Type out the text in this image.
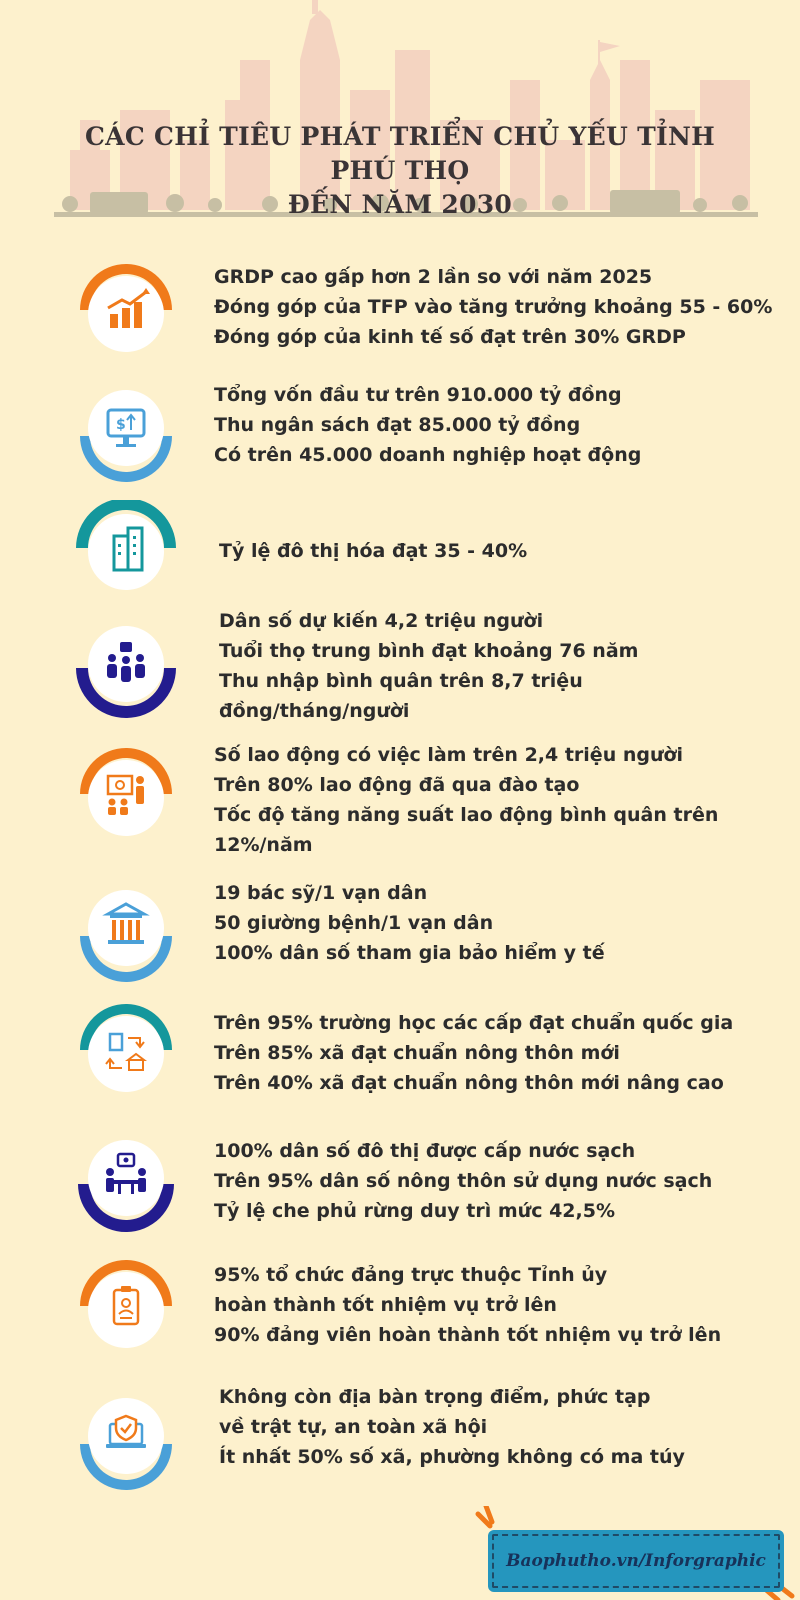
CÁC CHỈ TIÊU PHÁT TRIỂN CHỦ YẾU TỈNH PHÚ THỌ
ĐẾN NĂM 2030
GRDP cao gấp hơn 2 lần so với năm 2025
Đóng góp của TFP vào tăng trưởng khoảng 55 - 60%
Đóng góp của kinh tế số đạt trên 30% GRDP
$
Tổng vốn đầu tư trên 910.000 tỷ đồng
Thu ngân sách đạt 85.000 tỷ đồng
Có trên 45.000 doanh nghiệp hoạt động
Tỷ lệ đô thị hóa đạt 35 - 40%
Dân số dự kiến 4,2 triệu người
Tuổi thọ trung bình đạt khoảng 76 năm
Thu nhập bình quân trên 8,7 triệu
đồng/tháng/người
Số lao động có việc làm trên 2,4 triệu người
Trên 80% lao động đã qua đào tạo
Tốc độ tăng năng suất lao động bình quân trên
12%/năm
19 bác sỹ/1 vạn dân
50 giường bệnh/1 vạn dân
100% dân số tham gia bảo hiểm y tế
Trên 95% trường học các cấp đạt chuẩn quốc gia
Trên 85% xã đạt chuẩn nông thôn mới
Trên 40% xã đạt chuẩn nông thôn mới nâng cao
100% dân số đô thị được cấp nước sạch
Trên 95% dân số nông thôn sử dụng nước sạch
Tỷ lệ che phủ rừng duy trì mức 42,5%
95% tổ chức đảng trực thuộc Tỉnh ủy
hoàn thành tốt nhiệm vụ trở lên
90% đảng viên hoàn thành tốt nhiệm vụ trở lên
Không còn địa bàn trọng điểm, phức tạp
về trật tự, an toàn xã hội
Ít nhất 50% số xã, phường không có ma túy
Baophutho.vn/Inforgraphic
